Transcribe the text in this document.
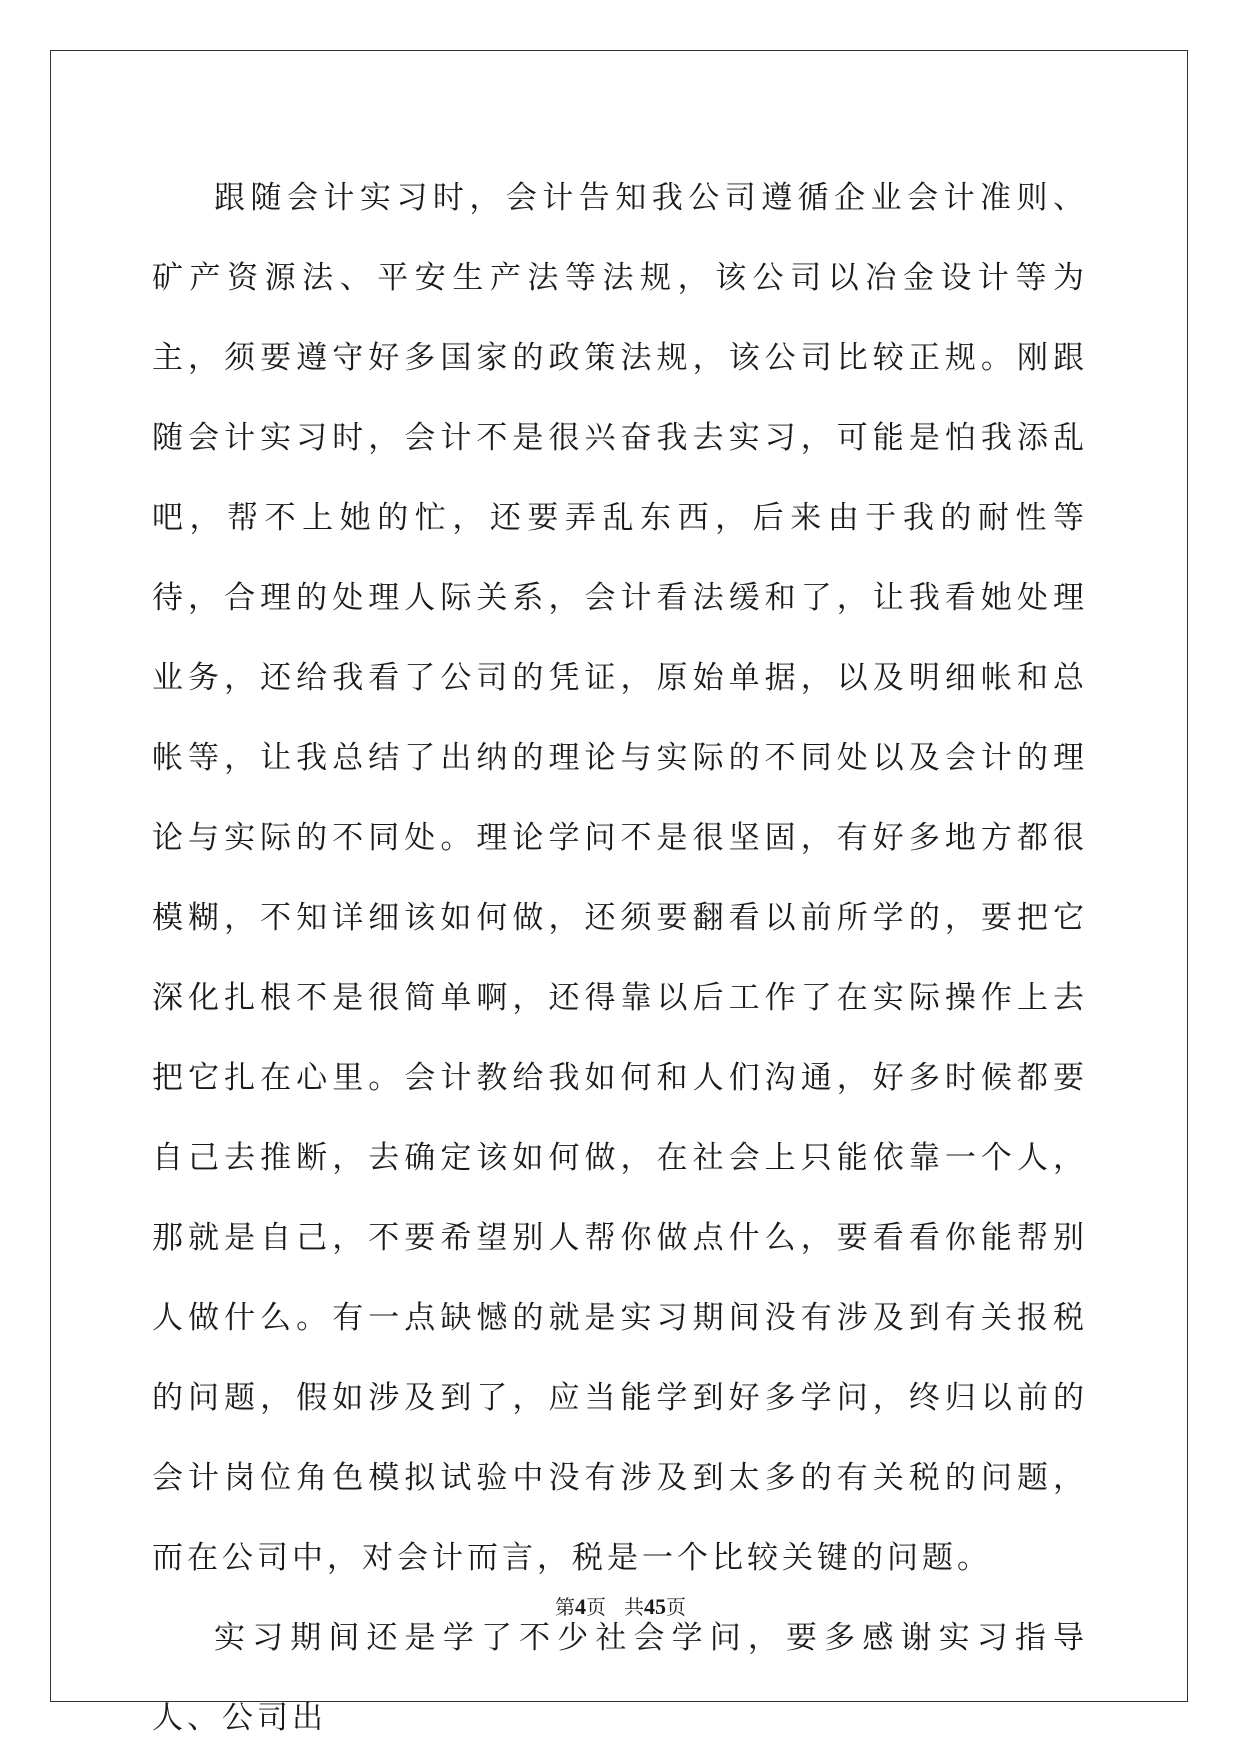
跟随会计实习时，会计告知我公司遵循企业会计准则、矿产资源法、平安生产法等法规，该公司以冶金设计等为主，须要遵守好多国家的政策法规，该公司比较正规。刚跟随会计实习时，会计不是很兴奋我去实习，可能是怕我添乱吧，帮不上她的忙，还要弄乱东西，后来由于我的耐性等待，合理的处理人际关系，会计看法缓和了，让我看她处理业务，还给我看了公司的凭证，原始单据，以及明细帐和总帐等，让我总结了出纳的理论与实际的不同处以及会计的理论与实际的不同处。理论学问不是很坚固，有好多地方都很模糊，不知详细该如何做，还须要翻看以前所学的，要把它深化扎根不是很简单啊，还得靠以后工作了在实际操作上去把它扎在心里。会计教给我如何和人们沟通，好多时候都要自己去推断，去确定该如何做，在社会上只能依靠一个人，那就是自己，不要希望别人帮你做点什么，要看看你能帮别人做什么。有一点缺憾的就是实习期间没有涉及到有关报税的问题，假如涉及到了，应当能学到好多学问，终归以前的会计岗位角色模拟试验中没有涉及到太多的有关税的问题，而在公司中，对会计而言，税是一个比较关键的问题。

实习期间还是学了不少社会学问，要多感谢实习指导人、公司出

第4页 共45页
